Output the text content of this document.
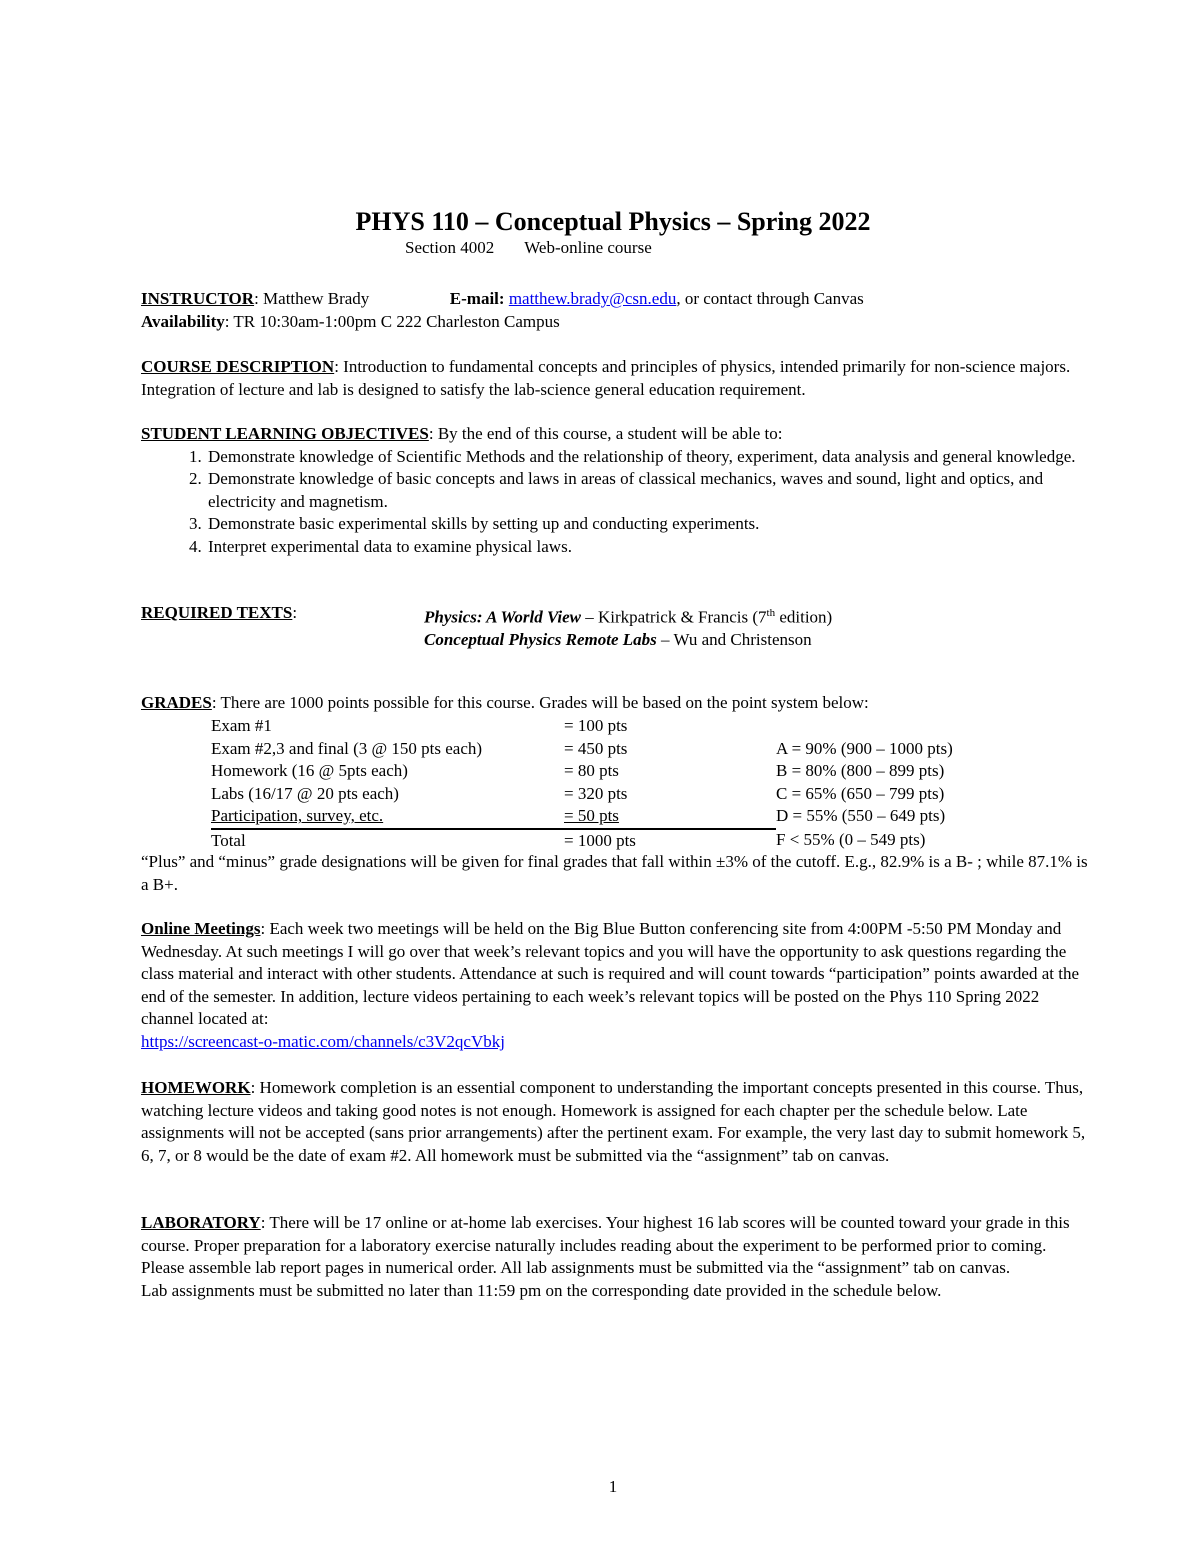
PHYS 110 – Conceptual Physics – Spring 2022
Section 4002 Web-online course

INSTRUCTOR: Matthew Brady	E-mail: matthew.brady@csn.edu, or contact through Canvas

Availability: TR 10:30am-1:00pm C 222 Charleston Campus

COURSE DESCRIPTION: Introduction to fundamental concepts and principles of physics, intended primarily for non-science majors. Integration of lecture and lab is designed to satisfy the lab-science general education requirement.

STUDENT LEARNING OBJECTIVES: By the end of this course, a student will be able to:

1. Demonstrate knowledge of Scientific Methods and the relationship of theory, experiment, data analysis and general knowledge.
2. Demonstrate knowledge of basic concepts and laws in areas of classical mechanics, waves and sound, light and optics, and electricity and magnetism.
3. Demonstrate basic experimental skills by setting up and conducting experiments.
4. Interpret experimental data to examine physical laws.
REQUIRED TEXTS:	Physics: A World View – Kirkpatrick & Francis (7th edition)

Conceptual Physics Remote Labs – Wu and Christenson

GRADES: There are 1000 points possible for this course. Grades will be based on the point system below:

Exam #1	= 100 pts	
Exam #2,3 and final (3 @ 150 pts each)	= 450 pts	A = 90% (900 – 1000 pts)
Homework (16 @ 5pts each)	= 80 pts	B = 80% (800 – 899 pts)
Labs (16/17 @ 20 pts each)	= 320 pts	C = 65% (650 – 799 pts)
Participation, survey, etc.	= 50 pts	D = 55% (550 – 649 pts)
Total	= 1000 pts	F < 55% (0 – 549 pts)

“Plus” and “minus” grade designations will be given for final grades that fall within ±3% of the cutoff. E.g., 82.9% is a B- ; while 87.1% is a B+.

Online Meetings: Each week two meetings will be held on the Big Blue Button conferencing site from 4:00PM -5:50 PM Monday and Wednesday. At such meetings I will go over that week’s relevant topics and you will have the opportunity to ask questions regarding the class material and interact with other students. Attendance at such is required and will count towards “participation” points awarded at the end of the semester. In addition, lecture videos pertaining to each week’s relevant topics will be posted on the Phys 110 Spring 2022 channel located at:

https://screencast-o-matic.com/channels/c3V2qcVbkj

HOMEWORK: Homework completion is an essential component to understanding the important concepts presented in this course. Thus, watching lecture videos and taking good notes is not enough. Homework is assigned for each chapter per the schedule below. Late assignments will not be accepted (sans prior arrangements) after the pertinent exam. For example, the very last day to submit homework 5, 6, 7, or 8 would be the date of exam #2. All homework must be submitted via the “assignment” tab on canvas.

LABORATORY: There will be 17 online or at-home lab exercises. Your highest 16 lab scores will be counted toward your grade in this course. Proper preparation for a laboratory exercise naturally includes reading about the experiment to be performed prior to coming. Please assemble lab report pages in numerical order. All lab assignments must be submitted via the “assignment” tab on canvas.

Lab assignments must be submitted no later than 11:59 pm on the corresponding date provided in the schedule below.

1
